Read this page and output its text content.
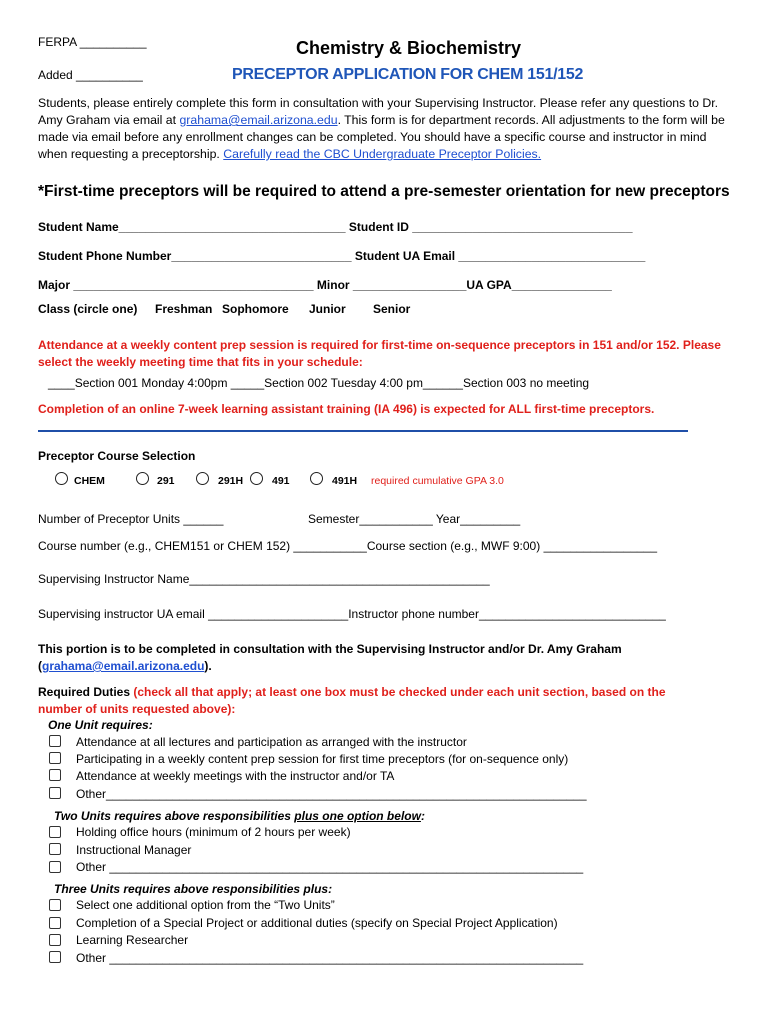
FERPA __________
Added __________
Chemistry & Biochemistry
PRECEPTOR APPLICATION FOR CHEM 151/152
Students, please entirely complete this form in consultation with your Supervising Instructor. Please refer any questions to Dr. Amy Graham via email at grahama@email.arizona.edu. This form is for department records. All adjustments to the form will be made via email before any enrollment changes can be completed. You should have a specific course and instructor in mind when requesting a preceptorship. Carefully read the CBC Undergraduate Preceptor Policies.
*First-time preceptors will be required to attend a pre-semester orientation for new preceptors
Student Name__________________________________ Student ID _________________________________
Student Phone Number___________________________ Student UA Email ____________________________
Major ____________________________________ Minor _________________UA GPA_______________
Class (circle one) Freshman Sophomore Junior Senior
Attendance at a weekly content prep session is required for first-time on-sequence preceptors in 151 and/or 152. Please select the weekly meeting time that fits in your schedule:
____Section 001 Monday 4:00pm _____Section 002 Tuesday 4:00 pm______Section 003 no meeting
Completion of an online 7-week learning assistant training (IA 496) is expected for ALL first-time preceptors.
Preceptor Course Selection
CHEM	291	291H	491	491H required cumulative GPA 3.0
Number of Preceptor Units ______	Semester___________ Year_________
Course number (e.g., CHEM151 or CHEM 152) ___________Course section (e.g., MWF 9:00) _________________
Supervising Instructor Name_____________________________________________
Supervising instructor UA email _____________________Instructor phone number____________________________
This portion is to be completed in consultation with the Supervising Instructor and/or Dr. Amy Graham
(grahama@email.arizona.edu).
Required Duties (check all that apply; at least one box must be checked under each unit section, based on the number of units requested above):
One Unit requires:
Attendance at all lectures and participation as arranged with the instructor
Participating in a weekly content prep session for first time preceptors (for on-sequence only)
Attendance at weekly meetings with the instructor and/or TA
Other________________________________________________________________________
Two Units requires above responsibilities plus one option below:
Holding office hours (minimum of 2 hours per week)
Instructional Manager
Other _______________________________________________________________________
Three Units requires above responsibilities plus:
Select one additional option from the “Two Units”
Completion of a Special Project or additional duties (specify on Special Project Application)
Learning Researcher
Other _______________________________________________________________________
